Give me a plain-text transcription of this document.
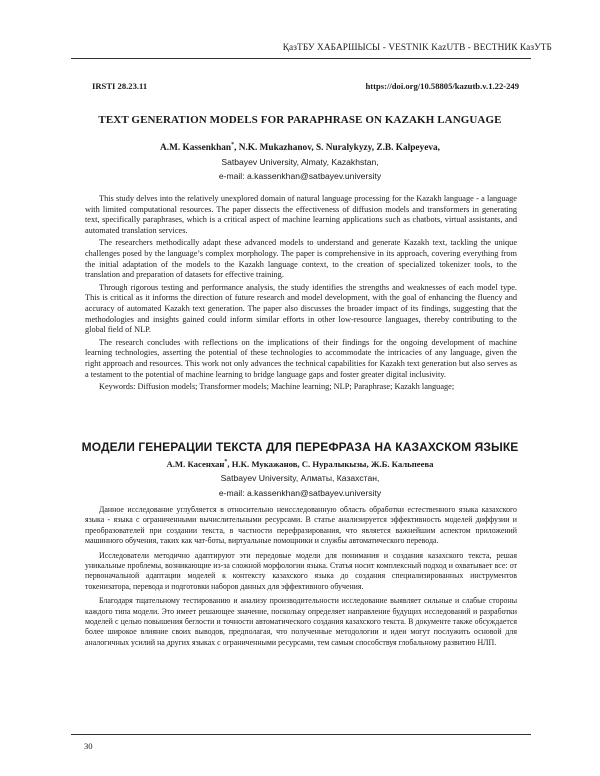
ҚазТБУ ХАБАРШЫСЫ - VESTNIK KazUTB - ВЕСТНИК КазУТБ
IRSTI 28.23.11	https://doi.org/10.58805/kazutb.v.1.22-249
TEXT GENERATION MODELS FOR PARAPHRASE ON KAZAKH LANGUAGE
A.M. Kassenkhan*, N.K. Mukazhanov, S. Nuralykyzy, Z.B. Kalpeyeva,
Satbayev University, Almaty, Kazakhstan,
e-mail: a.kassenkhan@satbayev.university

This study delves into the relatively unexplored domain of natural language processing for the Kazakh language - a language with limited computational resources. The paper dissects the effectiveness of diffusion models and transformers in generating text, specifically paraphrases, which is a critical aspect of machine learning applications such as chatbots, virtual assistants, and automated translation services.

The researchers methodically adapt these advanced models to understand and generate Kazakh text, tackling the unique challenges posed by the language’s complex morphology. The paper is comprehensive in its approach, covering everything from the initial adaptation of the models to the Kazakh language context, to the creation of specialized tokenizer tools, to the translation and preparation of datasets for effective training.

Through rigorous testing and performance analysis, the study identifies the strengths and weaknesses of each model type. This is critical as it informs the direction of future research and model development, with the goal of enhancing the fluency and accuracy of automated Kazakh text generation. The paper also discusses the broader impact of its findings, suggesting that the methodologies and insights gained could inform similar efforts in other low-resource languages, thereby contributing to the global field of NLP.

The research concludes with reflections on the implications of their findings for the ongoing development of machine learning technologies, asserting the potential of these technologies to accommodate the intricacies of any language, given the right approach and resources. This work not only advances the technical capabilities for Kazakh text generation but also serves as a testament to the potential of machine learning to bridge language gaps and foster greater digital inclusivity.

Keywords: Diffusion models; Transformer models; Machine learning; NLP; Paraphrase; Kazakh language;

МОДЕЛИ ГЕНЕРАЦИИ ТЕКСТА ДЛЯ ПЕРЕФРАЗА НА КАЗАХСКОМ ЯЗЫКЕ
А.М. Касенхан*, Н.К. Мукажанов, С. Нуралыкызы, Ж.Б. Кальпеева
Satbayev University, Алматы, Казахстан,
e-mail: a.kassenkhan@satbayev.university

Данное исследование углубляется в относительно неисследованную область обработки естественного языка казахского языка - языка с ограниченными вычислительными ресурсами. В статье анализируется эффективность моделей диффузии и преобразователей при создании текста, в частности перефразирования, что является важнейшим аспектом приложений машинного обучения, таких как чат-боты, виртуальные помощники и службы автоматического перевода.

Исследователи методично адаптируют эти передовые модели для понимания и создания казахского текста, решая уникальные проблемы, возникающие из-за сложной морфологии языка. Статья носит комплексный подход и охватывает все: от первоначальной адаптации моделей к контексту казахского языка до создания специализированных инструментов токенизатора, перевода и подготовки наборов данных для эффективного обучения.

Благодаря тщательному тестированию и анализу производительности исследование выявляет сильные и слабые стороны каждого типа модели. Это имеет решающее значение, поскольку определяет направление будущих исследований и разработки моделей с целью повышения беглости и точности автоматического создания казахского текста. В документе также обсуждается более широкое влияние своих выводов, предполагая, что полученные методологии и идеи могут послужить основой для аналогичных усилий на других языках с ограниченными ресурсами, тем самым способствуя глобальному развитию НЛП.

30
